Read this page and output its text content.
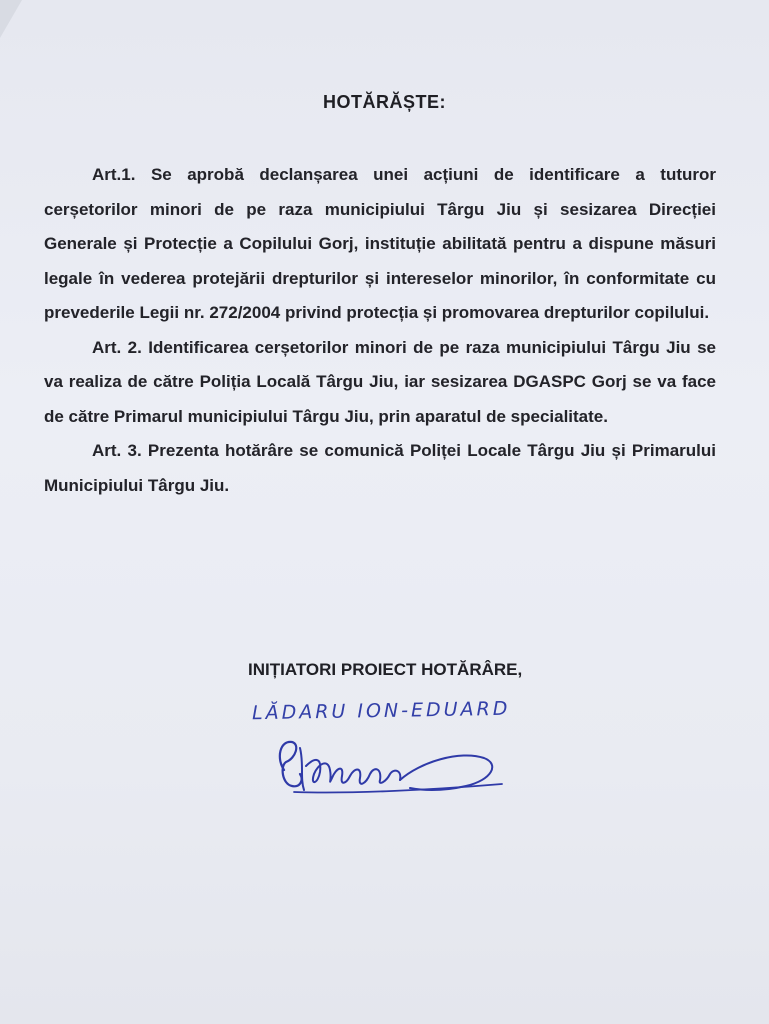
HOTĂRĂȘTE:

Art.1. Se aprobă declanșarea unei acțiuni de identificare a tuturor cerșetorilor minori de pe raza municipiului Târgu Jiu și sesizarea Direcției Generale și Protecție a Copilului Gorj, instituție abilitată pentru a dispune măsuri legale în vederea protejării drepturilor și intereselor minorilor, în conformitate cu prevederile Legii nr. 272/2004 privind protecția și promovarea drepturilor copilului.

Art. 2. Identificarea cerșetorilor minori de pe raza municipiului Târgu Jiu se va realiza de către Poliția Locală Târgu Jiu, iar sesizarea DGASPC Gorj se va face de către Primarul municipiului Târgu Jiu, prin aparatul de specialitate.

Art. 3. Prezenta hotărâre se comunică Poliței Locale Târgu Jiu și Primarului Municipiului Târgu Jiu.

INIȚIATORI PROIECT HOTĂRÂRE,
LĂDARU ION-EDUARD
